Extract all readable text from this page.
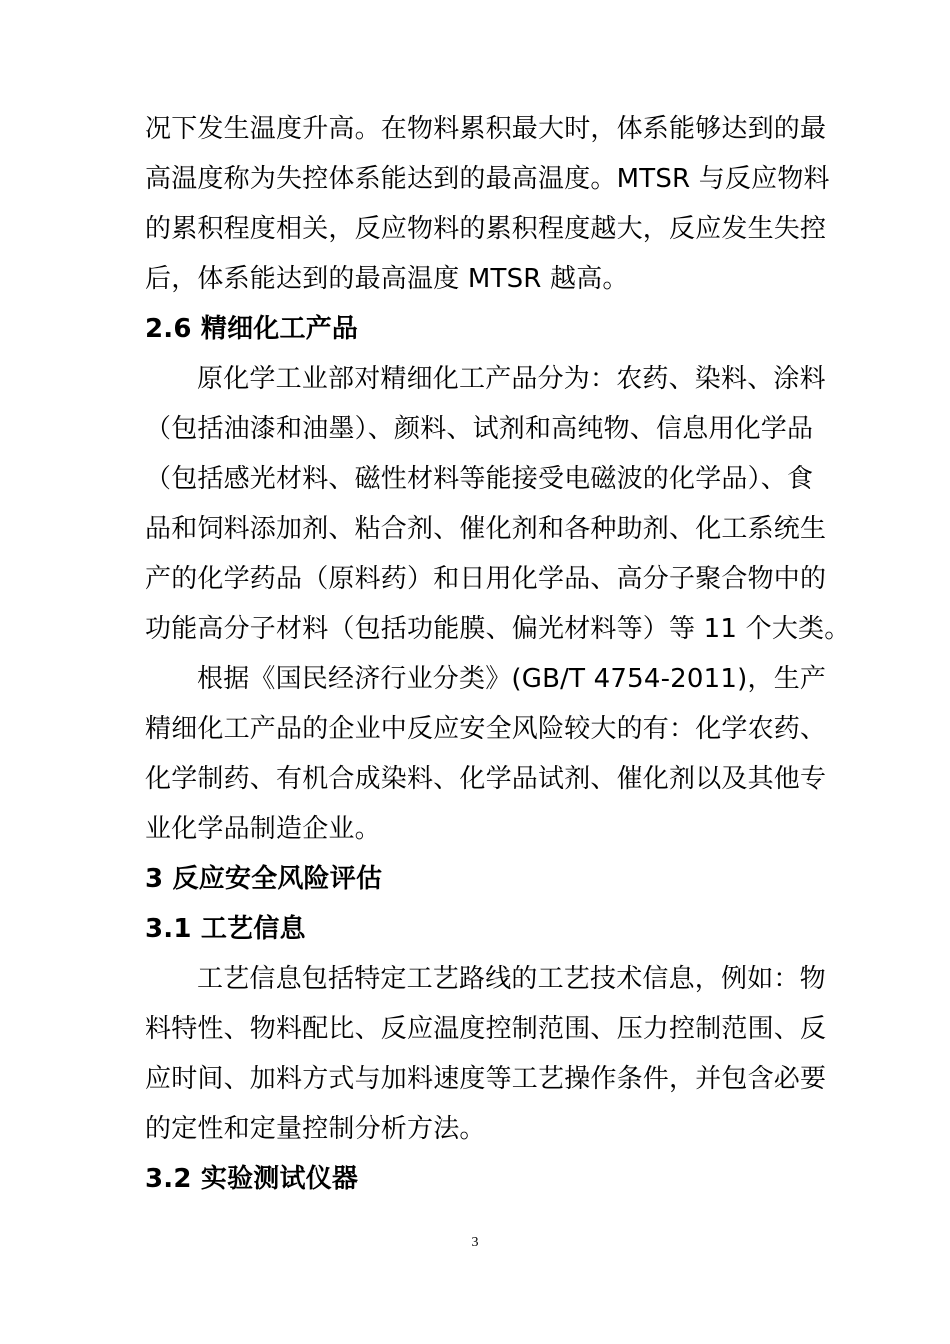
况下发生温度升高。在物料累积最大时，体系能够达到的最
高温度称为失控体系能达到的最高温度。MTSR 与反应物料
的累积程度相关，反应物料的累积程度越大，反应发生失控
后，体系能达到的最高温度 MTSR 越高。
2.6 精细化工产品
原化学工业部对精细化工产品分为：农药、染料、涂料
（包括油漆和油墨）、颜料、试剂和高纯物、信息用化学品
（包括感光材料、磁性材料等能接受电磁波的化学品）、食
品和饲料添加剂、粘合剂、催化剂和各种助剂、化工系统生
产的化学药品（原料药）和日用化学品、高分子聚合物中的
功能高分子材料（包括功能膜、偏光材料等）等 11 个大类。
根据《国民经济行业分类》(GB/T 4754-2011)，生产
精细化工产品的企业中反应安全风险较大的有：化学农药、
化学制药、有机合成染料、化学品试剂、催化剂以及其他专
业化学品制造企业。
3 反应安全风险评估
3.1 工艺信息
工艺信息包括特定工艺路线的工艺技术信息，例如：物
料特性、物料配比、反应温度控制范围、压力控制范围、反
应时间、加料方式与加料速度等工艺操作条件，并包含必要
的定性和定量控制分析方法。
3.2 实验测试仪器
3
